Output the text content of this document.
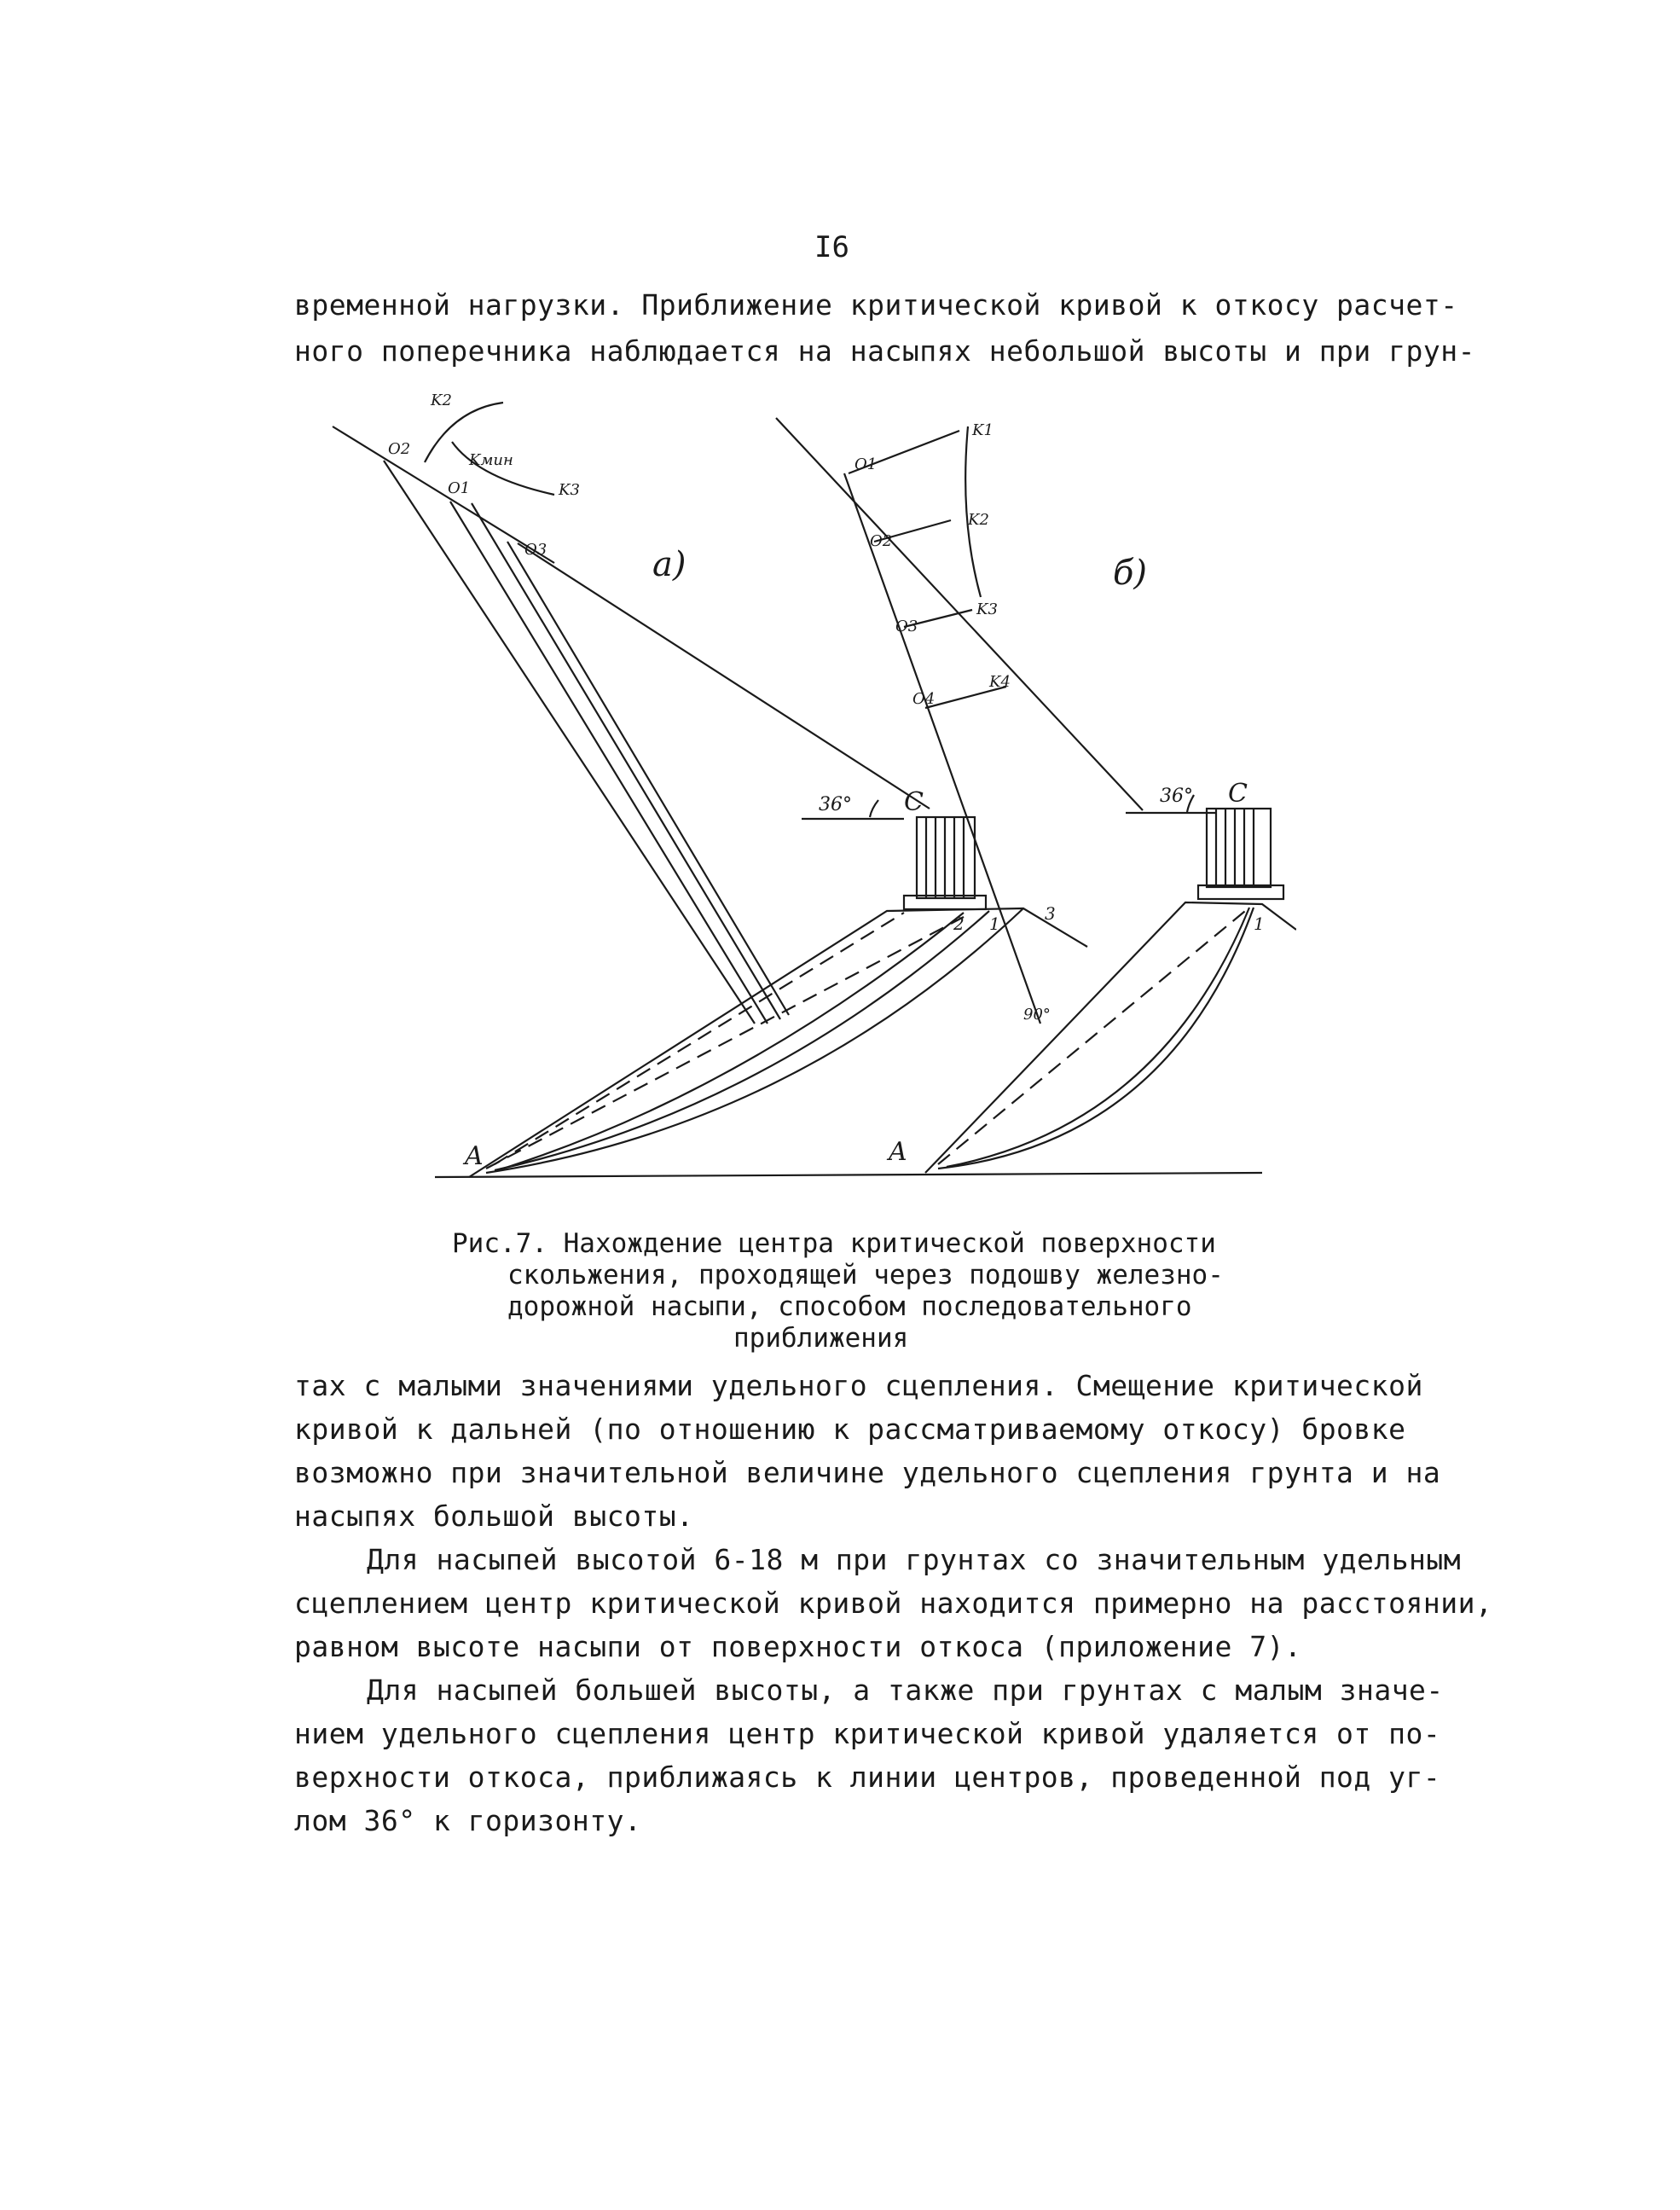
I6
временной нагрузки. Приближение критической кривой к откосу расчет-
ного поперечника наблюдается на насыпях небольшой высоты и при грун-
а)	б)
36°	36°
C	C
A	A
90°
O2
O1
O3
K2
Kмин
K3
O1
O2
O3
O4
K1
K2
K3
K4
2 1	3	1
Рис.7. Нахождение центра критической поверхности
скольжения, проходящей через подошву железно-
дорожной насыпи, способом последовательного
приближения
тах с малыми значениями удельного сцепления. Смещение критической
кривой к дальней (по отношению к рассматриваемому откосу) бровке
возможно при значительной величине удельного сцепления грунта и на
насыпях большой высоты.
Для насыпей высотой 6-18 м при грунтах со значительным удельным
сцеплением центр критической кривой находится примерно на расстоянии,
равном высоте насыпи от поверхности откоса (приложение 7).
Для насыпей большей высоты, а также при грунтах с малым значе-
нием удельного сцепления центр критической кривой удаляется от по-
верхности откоса, приближаясь к линии центров, проведенной под уг-
лом 36° к горизонту.
